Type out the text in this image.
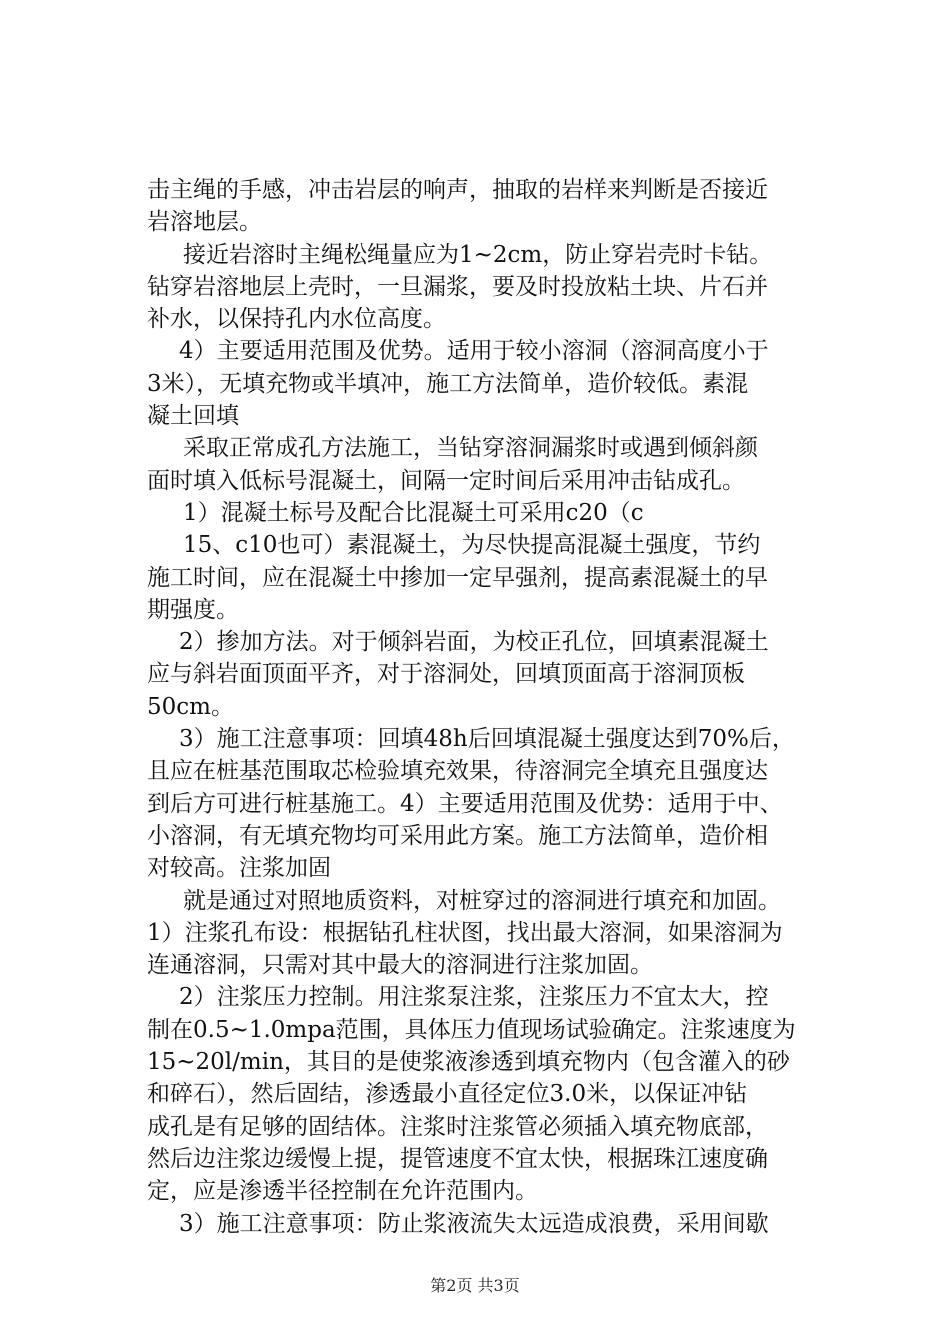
击主绳的手感，冲击岩层的响声，抽取的岩样来判断是否接近
岩溶地层。
接近岩溶时主绳松绳量应为1~2cm，防止穿岩壳时卡钻。
钻穿岩溶地层上壳时，一旦漏浆，要及时投放粘土块、片石并
补水，以保持孔内水位高度。
4）主要适用范围及优势。适用于较小溶洞（溶洞高度小于
3米），无填充物或半填冲，施工方法简单，造价较低。素混
凝土回填
采取正常成孔方法施工，当钻穿溶洞漏浆时或遇到倾斜颜
面时填入低标号混凝土，间隔一定时间后采用冲击钻成孔。
1）混凝土标号及配合比混凝土可采用c20（c
15、c10也可）素混凝土，为尽快提高混凝土强度，节约
施工时间，应在混凝土中掺加一定早强剂，提高素混凝土的早
期强度。
2）掺加方法。对于倾斜岩面，为校正孔位，回填素混凝土
应与斜岩面顶面平齐，对于溶洞处，回填顶面高于溶洞顶板
50cm。
3）施工注意事项：回填48h后回填混凝土强度达到70%后，
且应在桩基范围取芯检验填充效果，待溶洞完全填充且强度达
到后方可进行桩基施工。4）主要适用范围及优势：适用于中、
小溶洞，有无填充物均可采用此方案。施工方法简单，造价相
对较高。注浆加固
就是通过对照地质资料，对桩穿过的溶洞进行填充和加固。
1）注浆孔布设：根据钻孔柱状图，找出最大溶洞，如果溶洞为
连通溶洞，只需对其中最大的溶洞进行注浆加固。
2）注浆压力控制。用注浆泵注浆，注浆压力不宜太大，控
制在0.5~1.0mpa范围，具体压力值现场试验确定。注浆速度为
15~20l/min，其目的是使浆液渗透到填充物内（包含灌入的砂
和碎石），然后固结，渗透最小直径定位3.0米，以保证冲钻
成孔是有足够的固结体。注浆时注浆管必须插入填充物底部，
然后边注浆边缓慢上提，提管速度不宜太快，根据珠江速度确
定，应是渗透半径控制在允许范围内。
3）施工注意事项：防止浆液流失太远造成浪费，采用间歇
第2页 共3页
